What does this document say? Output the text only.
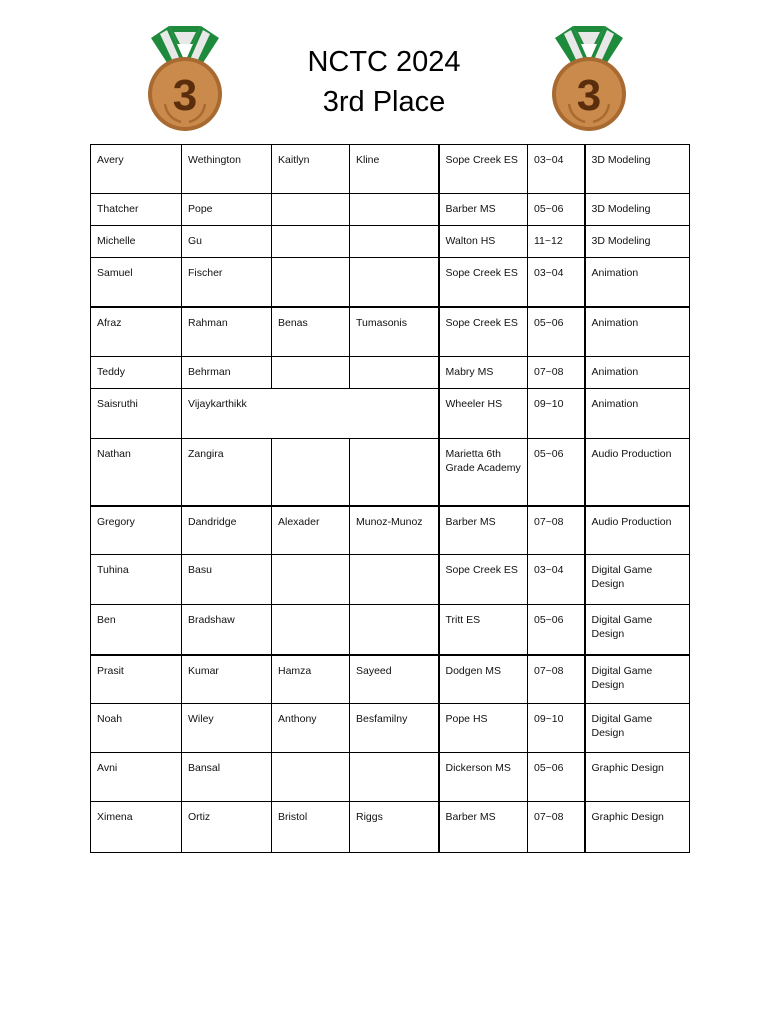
3
NCTC 2024
3rd Place	3
Avery	Wethington	Kaitlyn	Kline	Sope Creek ES	03~04	3D Modeling
Thatcher	Pope			Barber MS	05~06	3D Modeling
Michelle	Gu			Walton HS	11~12	3D Modeling
Samuel	Fischer			Sope Creek ES	03~04	Animation
Afraz	Rahman	Benas	Tumasonis	Sope Creek ES	05~06	Animation
Teddy	Behrman			Mabry MS	07~08	Animation
Saisruthi	Vijaykarthikk			Wheeler HS	09~10	Animation
Nathan	Zangira			Marietta 6th Grade Academy	05~06	Audio Production
Gregory	Dandridge	Alexader	Munoz-Munoz	Barber MS	07~08	Audio Production
Tuhina	Basu			Sope Creek ES	03~04	Digital Game Design
Ben	Bradshaw			Tritt ES	05~06	Digital Game Design
Prasit	Kumar	Hamza	Sayeed	Dodgen MS	07~08	Digital Game Design
Noah	Wiley	Anthony	Besfamilny	Pope HS	09~10	Digital Game Design
Avni	Bansal			Dickerson MS	05~06	Graphic Design
Ximena	Ortiz	Bristol	Riggs	Barber MS	07~08	Graphic Design
